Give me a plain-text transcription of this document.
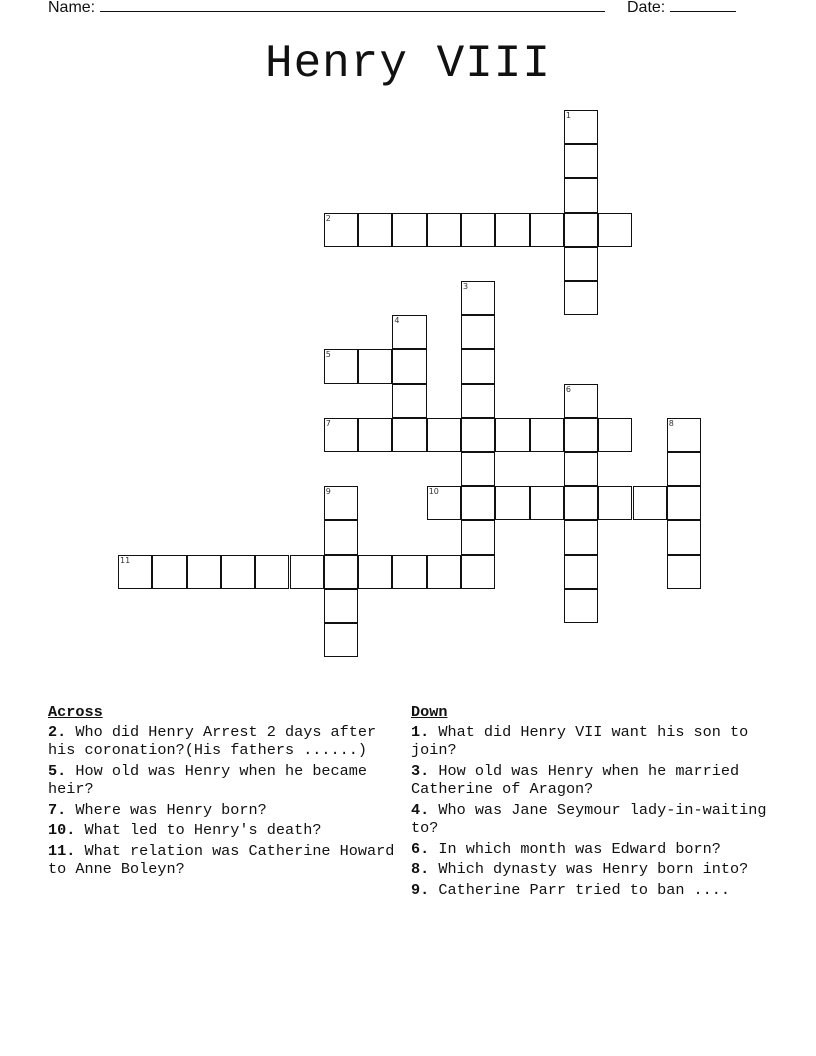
Name:	Date:
Henry VIII
1
2
3
4
5
6
7	8
9	10
11
Across
2. Who did Henry Arrest 2 days after his coronation?(His fathers ......)
5. How old was Henry when he became heir?
7. Where was Henry born?
10. What led to Henry's death?
11. What relation was Catherine Howard to Anne Boleyn?
Down
1. What did Henry VII want his son to join?
3. How old was Henry when he married Catherine of Aragon?
4. Who was Jane Seymour lady-in-waiting to?
6. In which month was Edward born?
8. Which dynasty was Henry born into?
9. Catherine Parr tried to ban ....
